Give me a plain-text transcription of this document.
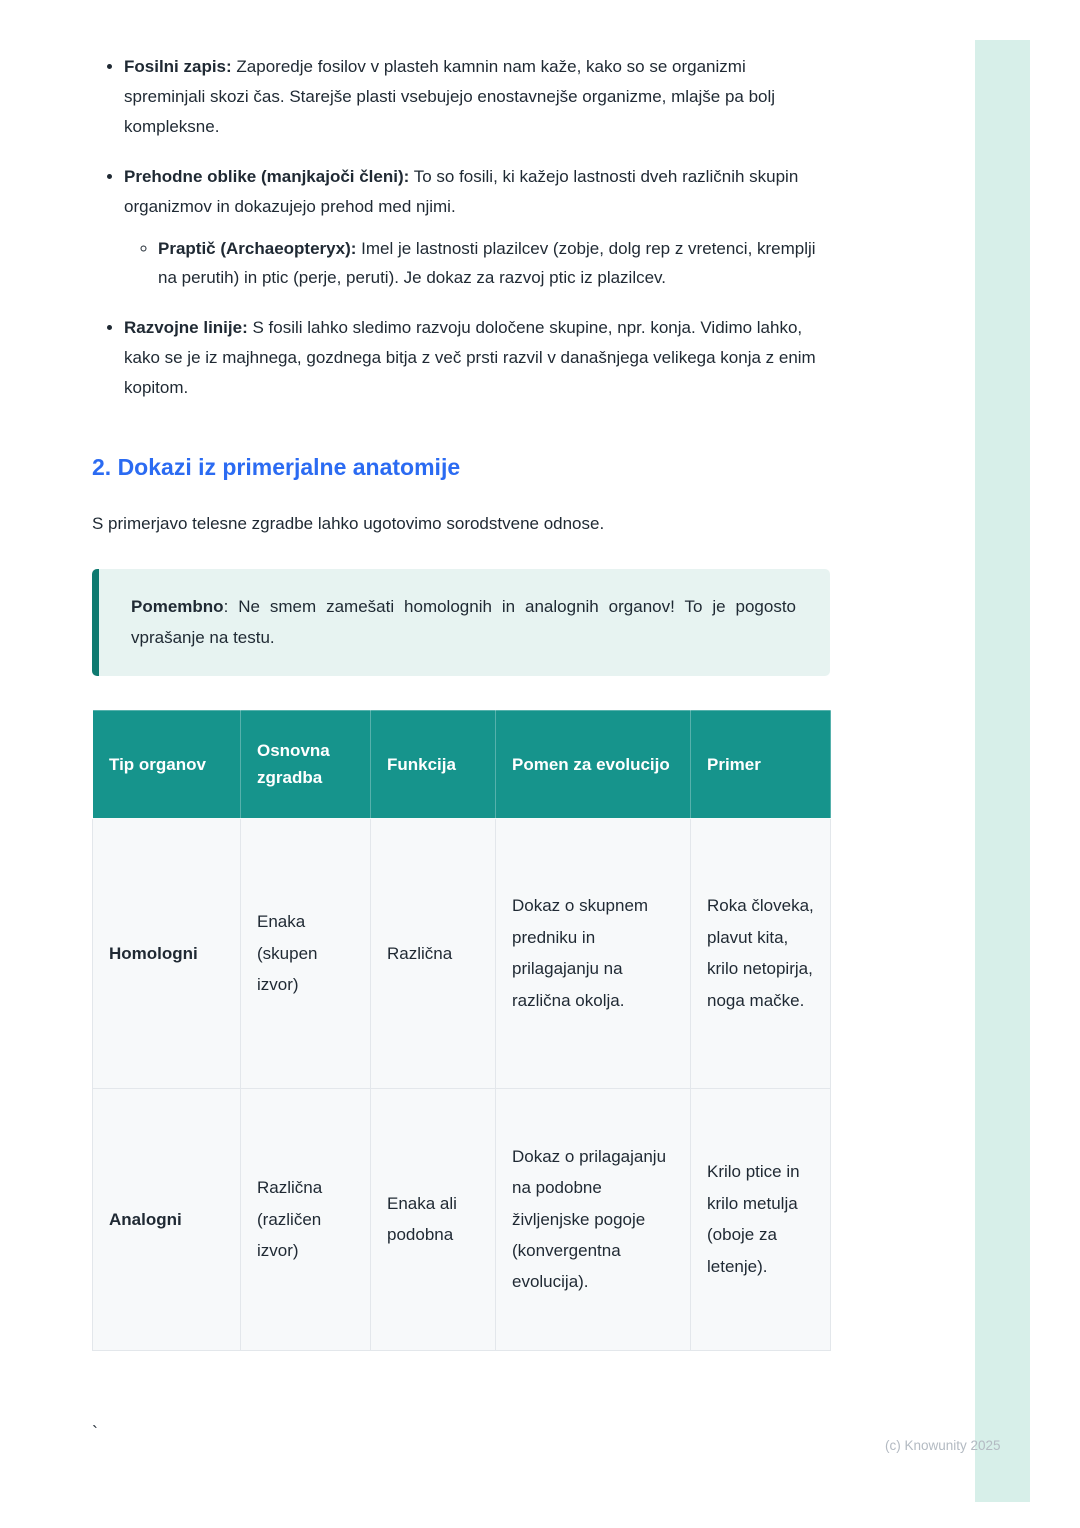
• Fosilni zapis: Zaporedje fosilov v plasteh kamnin nam kaže, kako so se organizmi spreminjali skozi čas. Starejše plasti vsebujejo enostavnejše organizme, mlajše pa bolj kompleksne.
• Prehodne oblike (manjkajoči členi): To so fosili, ki kažejo lastnosti dveh različnih skupin organizmov in dokazujejo prehod med njimi.
◦ Praptič (Archaeopteryx): Imel je lastnosti plazilcev (zobje, dolg rep z vretenci, kremplji na perutih) in ptic (perje, peruti). Je dokaz za razvoj ptic iz plazilcev.
• Razvojne linije: S fosili lahko sledimo razvoju določene skupine, npr. konja. Vidimo lahko, kako se je iz majhnega, gozdnega bitja z več prsti razvil v današnjega velikega konja z enim kopitom.
2. Dokazi iz primerjalne anatomije

S primerjavo telesne zgradbe lahko ugotovimo sorodstvene odnose.

Pomembno: Ne smem zamešati homolognih in analognih organov! To je pogosto vprašanje na testu.
Tip organov	Osnovna zgradba	Funkcija	Pomen za evolucijo	Primer
Homologni	Enaka (skupen izvor)	Različna	Dokaz o skupnem predniku in prilagajanju na različna okolja.	Roka človeka, plavut kita, krilo netopirja, noga mačke.
Analogni	Različna (različen izvor)	Enaka ali podobna	Dokaz o prilagajanju na podobne življenjske pogoje (konvergentna evolucija).	Krilo ptice in krilo metulja (oboje za letenje).
`
(c) Knowunity 2025
